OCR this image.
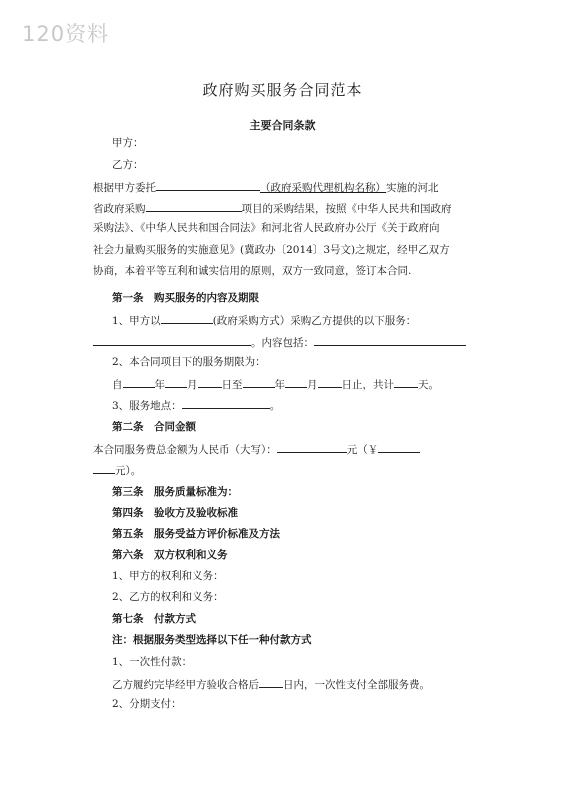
120资料
政府购买服务合同范本
主要合同条款
甲方：
乙方：
根据甲方委托	（政府采购代理机构名称）实施的河北
省政府采购	项目的采购结果，按照《中华人民共和国政府
采购法》、《中华人民共和国合同法》和河北省人民政府办公厅《关于政府向
社会力量购买服务的实施意见》(冀政办〔2014〕3号文)之规定，经甲乙双方
协商，本着平等互利和诚实信用的原则，双方一致同意，签订本合同.
第一条　购买服务的内容及期限
1、甲方以	(政府采购方式）采购乙方提供的以下服务：
。内容包括：
2、本合同项目下的服务期限为：
自	年 月 日至	年 月 日止，共计 天。
3、服务地点：	。
第二条　合同金额
本合同服务费总金额为人民币（大写）：	元（￥
元）。
第三条　服务质量标准为：
第四条　验收方及验收标准
第五条　服务受益方评价标准及方法
第六条　双方权利和义务
1、甲方的权利和义务：
2、乙方的权利和义务：
第七条　付款方式
注：根据服务类型选择以下任一种付款方式
1、一次性付款：
乙方履约完毕经甲方验收合格后 日内，一次性支付全部服务费。
2、分期支付：
